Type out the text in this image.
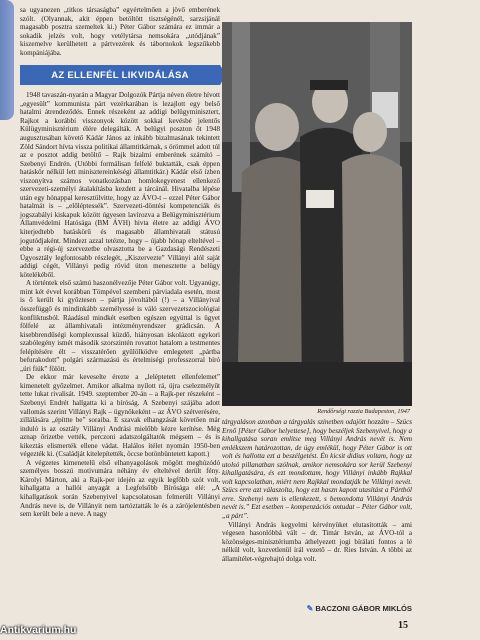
sa ugyanezen „titkos társaságba” egyértelmően a jövő emberének szólt. (Olyannak, akit éppen betöltött tisztségénél, sarzsijánál magasabb posztra szemeltek ki.) Péter Gábor számára ez immár a sokadik jelzés volt, hogy vetélytársa nemsokára „utódjának” kiszemelve kerülhetett a pártvezérek és tábornokok legszűkebb kompániájába.

AZ ELLENFÉL LIKVIDÁLÁSA

1948 tavaszán-nyarán a Magyar Dolgozók Pártja néven életre hívott „egyesült” kommunista párt vezérkarában is lezajlott egy belső hatalmi átrendeződés. Ennek részeként az addigi belügyminisztert, Rajkot a korábbi visszonyok között sokkal kevésbé jelentős Külügyminisztérium élére delegálták. A belügyi poszton őt 1948 augusztusában követő Kádár János az inkább bizalmasának tekintett Zöld Sándort hívta vissza politikai államtitkárnak, s örömmel adott túl az e posztot addig betöltő – Rajk bizalmi emberének számító – Szebenyi Endrén. (Utóbbi formálisan felfelé buktatták, csak éppen hatáskör nélkül lett minisztereinkéségi államtitkár.) Kádár első ízben viszonyítva számos vonatkozásban homlokegyenest ellenkező szervezeti-személyi átalakításba kezdett a tárcánál. Hivatalba lépése után egy hónappal keresztülvitte, hogy az ÁVO-t – ezzel Péter Gábor hatalmát is – „előléptessék”. Szervezeti-döntési kompetenciák és jogszabályi kiskapuk között úgyesen lavírozva a Belügyminisztérium Államvédelmi Hatósága (BM ÁVH) hivta életre az addigi ÁVO kiterjedtebb hatáskörű és magasabb államhivatali státusú jogutódjaként. Mindezt azzal tetézte, hogy – újabb hónap elteltével – ebbe a régi-új szervezetbe olvasztotta be a Gazdasági Rendészeti Ügyosztály legfontosabb részlegét, „Kiszervezte” Villányi alól saját addigi cégét, Villányi pedig rövid úton menesztette a belügy kötelékéből.

A történtek első számú haszonélvezője Péter Gábor volt. Ugyanúgy, mint két évvel korábban Tömpével szembeni párviadala esetén, most is ő került ki győztesen – pártja jóvoltából (!) – a Villányival összefüggő és mindinkább személyessé is váló szervezetszociológiai konfliktusból. Ráadásul mindkét esetben egészen egyúttal is ügyet fölfelé az államhivatali intézményrendszer grádicsán. A kisebbrendűségi komplexussal küzdő, hiányosan iskolázott egykori szabólegény ismét második szorszintén rovattot hatalom a testmentes felépítésére élt – visszatérően gyűlölködve emlegetett „pártba befurakodott” polgári származású és értelmiségi professzorral bíró „úri fiúk” fölött.

De ekkor már keveselte érezte a „leléptetett ellenfelemet” kimenetelt győzelmet. Amikor alkalma nyílott rá, újra cselezmélyűt tette lukat rivalisát. 1949. szeptember 20-án – a Rajk-per részeként – Szebenyi Endrét hallgatta ki a bíróság. A Szebenyi szájába adott vallomás szerint Villányi Rajk – ügynökeként – az ÁVO szétverésére, zillálására „építtte be” soraiba. E szavak elhangzását követően már induló is az osztály Villányi Andrási mielőbb kézre kerítése. Még aznap őrizetbe vették, perczoni adatszolgáltatók mégsem – és is kikeztás elismerték ellene vádat. Halálos ítélet nyomán 1950-ben végezték ki. (Családját kitelepítették, öccse botönbüntetett kapott.)

A végzetes kimenetelű első elhanyagolások mögött meghúzódó személyes bosszú motivumára néhány év elteltével derült fény. Károlyi Márton, aki a Rajk-per idején az egyik legfőbb szót volt, kihallgatta a hallói anyagát a Legfelsőbb Bírósága elé: „A kihallgatások során Szebenyivel kapcsolatosan felmerült Villányi András neve is, de Villányit nem tartóztatták le és a zárójelentésben sem került bele a neve. A nagy

Rendőrségi razzia Budapeston, 1947

tárgyaláson azonban a tárgyalás színetben odajött hozzám – Szücs Ernő [Péter Gábor helyettese], hogy beszéljek Szebenyivel, hogy a kihallgatása soran említse meg Villányi András nevét is. Nem emlékszem határozottan, de úgy emlékül, hogy Péter Gábor is ott volt és hallotta ezt a beszélgetést. Én kicsit didius voltam, hogy az utolsó pillanatban szólnak, amikor nemsokára sor kerül Szebenyi kihallgatására, és ezt mondottam, hogy Villányi inkább Rajkkal volt kapcsolatban, miért nem Rajkkal mondatják be Villányi nevét. Szücs erre azt válaszolta, hogy ezt haszn kapott utasítást a Pártból erre. Szebenyi nem is ellenkezett, s bemondotta Villányi András nevét is.” Ezt esetben – kompenzációs ontudat – Péter Gábor volt, „a párt”.

Villányi András kegyelmi kérvényüket elutasították – ami végesen hasonlóbbá vált – dr. Timár István, az ÁVO-tól a közönséges-minisztériumba áthelyezett jogi bírálati fontos a lé nélkül volt, kozvetlenül írál vezető – dr. Ries István. A többi az államítélet-végrehajtó dolga volt.

✎ BACZONI GÁBOR MIKLÓS
15
Antikvarium.hu
